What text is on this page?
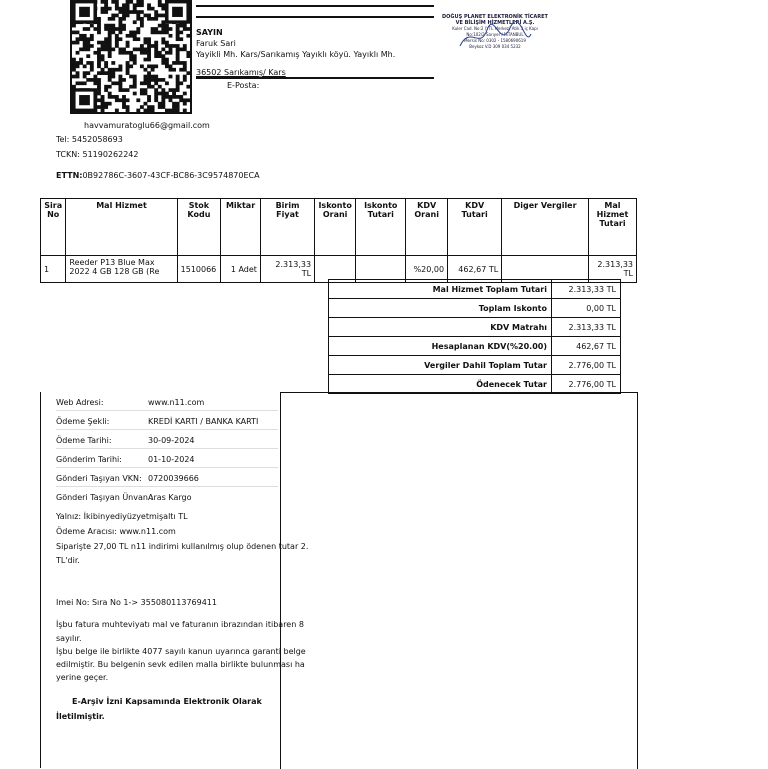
SAYIN
Faruk Sari
Yayikli Mh. Kars/Sarıkamış Yayıklı köyü. Yayıklı Mh.
36502 Sarıkamış/ Kars
E-Posta:
DOĞUŞ PLANET ELEKTRONİK TİCARET
VE BİLİŞİM HİZMETLERİ A.Ş.
Kuler Cad. No:2 (YTL Merkez) Atik 3 iç Kapı
No:102/2 Sarıyer / İSTANBUL
Mersis No: 0302 - 1580690619
Beykoz V.D 309 034 5232
havvamuratoglu66@gmail.com
Tel: 5452058693
TCKN: 51190262242
ETTN:0B92786C-3607-43CF-BC86-3C9574870ECA
Sira No	Mal Hizmet	Stok Kodu	Miktar	Birim Fiyat	Iskonto Orani	Iskonto Tutari	KDV Orani	KDV Tutari	Diger Vergiler	Mal Hizmet Tutari
1	Reeder P13 Blue Max 2022 4 GB 128 GB (Re	1510066	1 Adet	2.313,33 TL			%20,00	462,67 TL		2.313,33 TL
Mal Hizmet Toplam Tutari	2.313,33 TL
Toplam Iskonto	0,00 TL
KDV Matrahı	2.313,33 TL
Hesaplanan KDV(%20.00)	462,67 TL
Vergiler Dahil Toplam Tutar	2.776,00 TL
Ödenecek Tutar	2.776,00 TL
Web Adresi:	www.n11.com
Ödeme Şekli:	KREDİ KARTI / BANKA KARTI
Ödeme Tarihi:	30-09-2024
Gönderim Tarihi:	01-10-2024
Gönderi Taşıyan VKN: 0720039666
Gönderi Taşıyan Ünvan :
Aras Kargo
Yalnız: İkibinyediyüzyetmişaltı TL
Ödeme Aracısı: www.n11.com
Siparişte 27,00 TL n11 indirimi kullanılmış olup ödenen tutar 2.
TL'dir.
Imei No: Sıra No 1-> 355080113769411
İşbu fatura muhteviyatı mal ve faturanın ibrazından itibaren 8
sayılır.
İşbu belge ile birlikte 4077 sayılı kanun uyarınca garanti belge
edilmiştir. Bu belgenin sevk edilen malla birlikte bulunması ha
yerine geçer.
E-Arşiv İzni Kapsamında Elektronik Olarak
İletilmiştir.
